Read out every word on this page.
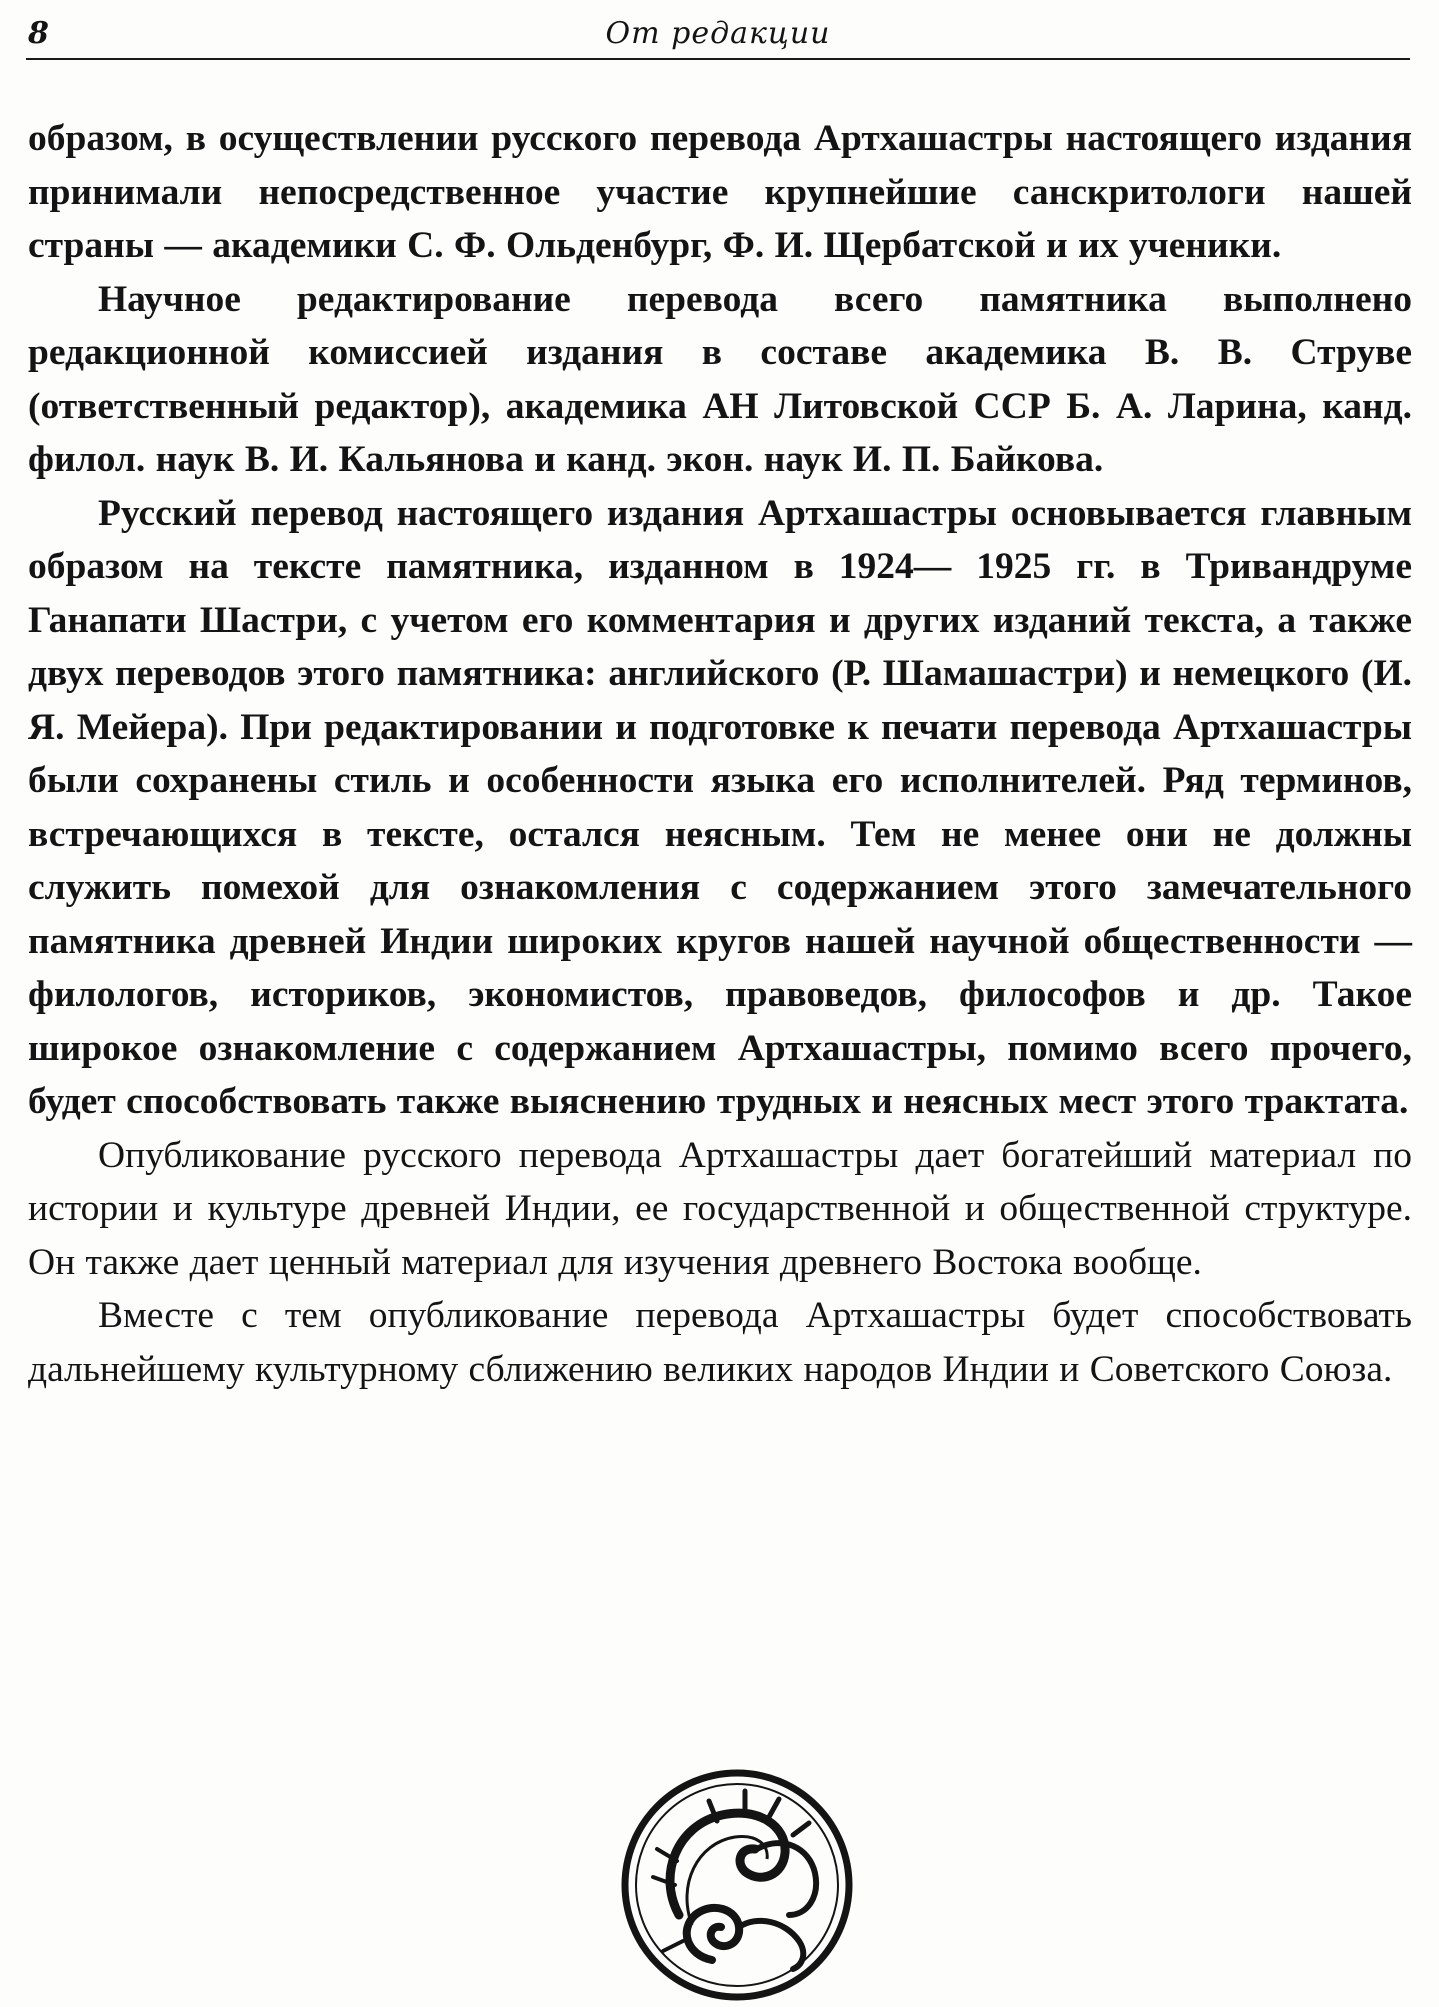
8	От редакции

образом, в осуществлении русского перевода Артхашастры настоящего издания принимали непосредственное участие крупнейшие санскритологи нашей страны — академики С. Ф. Ольденбург, Ф. И. Щербатской и их ученики.

Научное редактирование перевода всего памятника выполнено редакционной комиссией издания в составе академика В. В. Струве (ответственный редактор), академика АН Литовской ССР Б. А. Ларина, канд. филол. наук В. И. Кальянова и канд. экон. наук И. П. Байкова.

Русский перевод настоящего издания Артхашастры основывается главным образом на тексте памятника, изданном в 1924— 1925 гг. в Тривандруме Ганапати Шастри, с учетом его комментария и других изданий текста, а также двух переводов этого памятника: английского (Р. Шамашастри) и немецкого (И. Я. Мейера). При редактировании и подготовке к печати перевода Артхашастры были сохранены стиль и особенности языка его исполнителей. Ряд терминов, встречающихся в тексте, остался неясным. Тем не менее они не должны служить помехой для ознакомления с содержанием этого замечательного памятника древней Индии широких кругов нашей научной общественности — филологов, историков, экономистов, правоведов, философов и др. Такое широкое ознакомление с содержанием Артхашастры, помимо всего прочего, будет способствовать также выяснению трудных и неясных мест этого трактата.

Опубликование русского перевода Артхашастры дает богатейший материал по истории и культуре древней Индии, ее государственной и общественной структуре. Он также дает ценный материал для изучения древнего Востока вообще.

Вместе с тем опубликование перевода Артхашастры будет способствовать дальнейшему культурному сближению великих народов Индии и Советского Союза.
